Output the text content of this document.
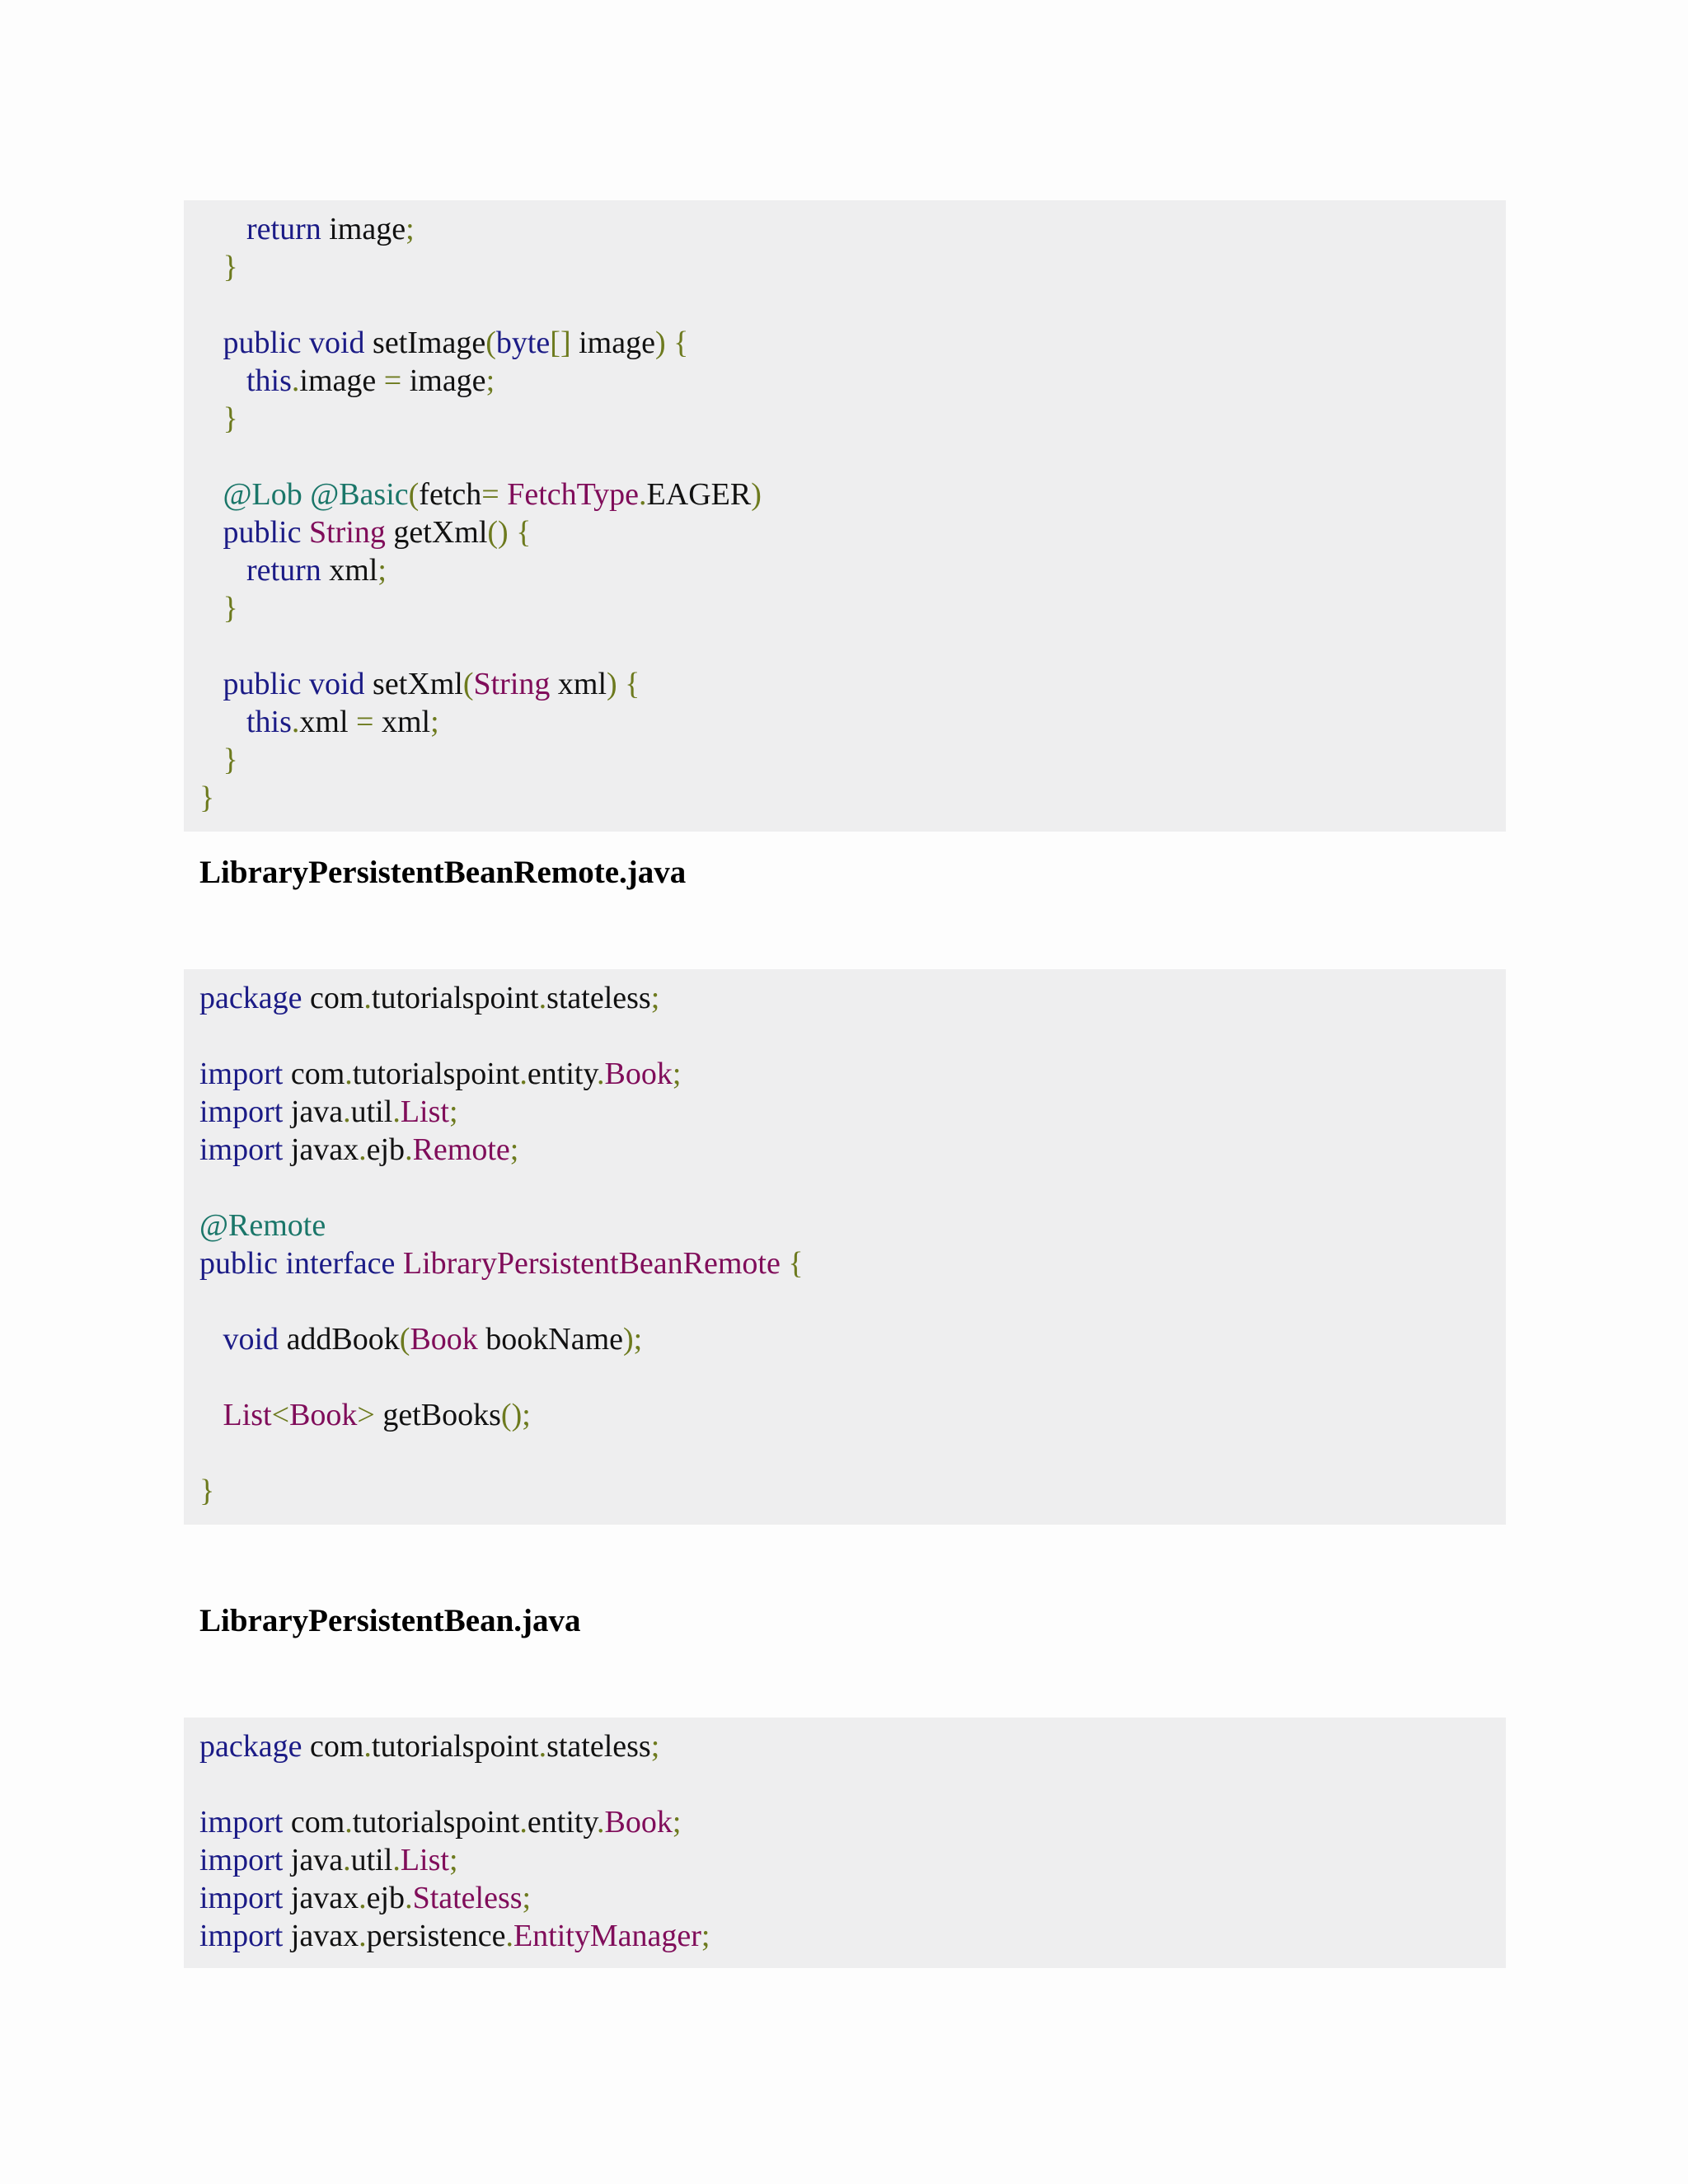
return image;
}

public void setImage(byte[] image) {
this.image = image;
}

@Lob @Basic(fetch= FetchType.EAGER)
public String getXml() {
return xml;
}

public void setXml(String xml) {
this.xml = xml;
}
}
LibraryPersistentBeanRemote.java
package com.tutorialspoint.stateless;

import com.tutorialspoint.entity.Book;
import java.util.List;
import javax.ejb.Remote;

@Remote
public interface LibraryPersistentBeanRemote {

void addBook(Book bookName);

List<Book> getBooks();

}
LibraryPersistentBean.java
package com.tutorialspoint.stateless;

import com.tutorialspoint.entity.Book;
import java.util.List;
import javax.ejb.Stateless;
import javax.persistence.EntityManager;
